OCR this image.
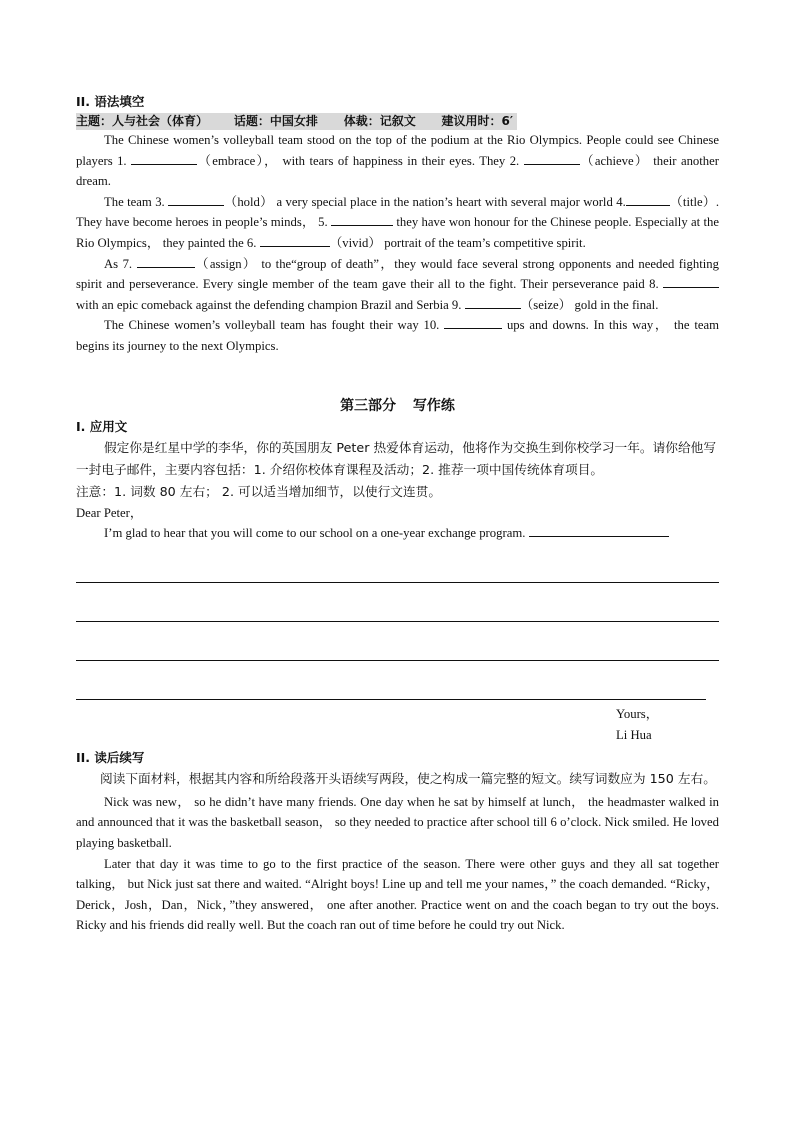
II. 语法填空
主题：人与社会（体育） 话题：中国女排 体裁：记叙文 建议用时：6′

The Chinese women’s volleyball team stood on the top of the podium at the Rio Olympics. People could see Chinese players 1.	（embrace）， with tears of happiness in their eyes. They 2.	（achieve） their another dream.

The team 3.	（hold） a very special place in the nation’s heart with several major world 4.	（title）. They have become heroes in people’s minds， 5.	they have won honour for the Chinese people. Especially at the Rio Olympics， they painted the 6.	（vivid） portrait of the team’s competitive spirit.

As 7.	（assign） to the“group of death”，they would face several strong opponents and needed fighting spirit and perseverance. Every single member of the team gave their all to the fight. Their perseverance paid 8.  with an epic comeback against the defending champion Brazil and Serbia 9.	（seize） gold in the final.

The Chinese women’s volleyball team has fought their way 10.	ups and downs. In this way， the team begins its journey to the next Olympics.

第三部分 写作练
I. 应用文
假定你是红星中学的李华，你的英国朋友 Peter 热爱体育运动，他将作为交换生到你校学习一年。请你给他写一封电子邮件，主要内容包括：1. 介绍你校体育课程及活动；2. 推荐一项中国传统体育项目。
注意：1. 词数 80 左右； 2. 可以适当增加细节，以使行文连贯。

Dear Peter，

I’m glad to hear that you will come to our school on a one-year exchange program.

Yours，
Li Hua
II. 读后续写
阅读下面材料，根据其内容和所给段落开头语续写两段，使之构成一篇完整的短文。续写词数应为 150 左右。

Nick was new， so he didn’t have many friends. One day when he sat by himself at lunch， the headmaster walked in and announced that it was the basketball season， so they needed to practice after school till 6 o’clock. Nick smiled. He loved playing basketball.

Later that day it was time to go to the first practice of the season. There were other guys and they all sat together talking， but Nick just sat there and waited. “Alright boys! Line up and tell me your names，” the coach demanded. “Ricky，Derick，Josh，Dan，Nick，”they answered， one after another. Practice went on and the coach began to try out the boys. Ricky and his friends did really well. But the coach ran out of time before he could try out Nick.
